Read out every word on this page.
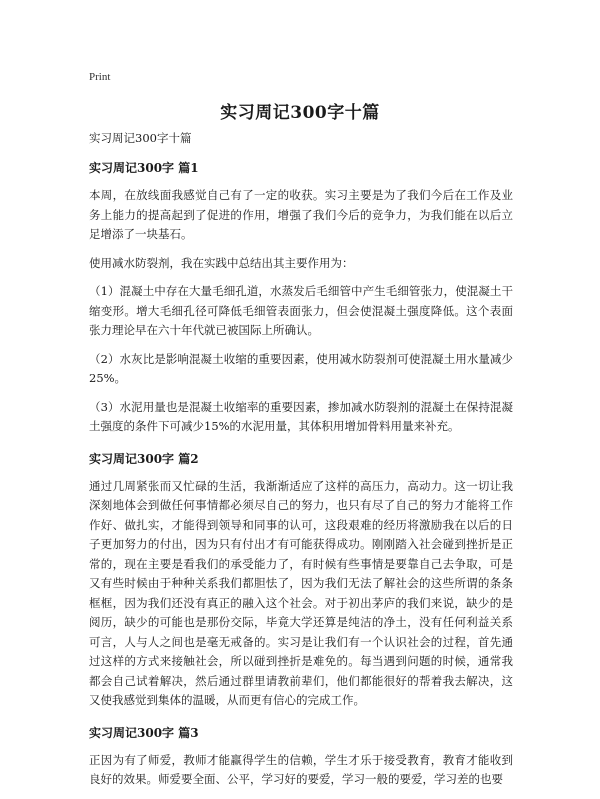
Print
实习周记300字十篇
实习周记300字十篇
实习周记300字 篇1

本周，在放线面我感觉自己有了一定的收获。实习主要是为了我们今后在工作及业务上能力的提高起到了促进的作用，增强了我们今后的竞争力，为我们能在以后立足增添了一块基石。

使用减水防裂剂，我在实践中总结出其主要作用为：

（1）混凝土中存在大量毛细孔道，水蒸发后毛细管中产生毛细管张力，使混凝土干缩变形。增大毛细孔径可降低毛细管表面张力，但会使混凝土强度降低。这个表面张力理论早在六十年代就已被国际上所确认。

（2）水灰比是影响混凝土收缩的重要因素，使用减水防裂剂可使混凝土用水量减少25%。

（3）水泥用量也是混凝土收缩率的重要因素，掺加减水防裂剂的混凝土在保持混凝土强度的条件下可减少15%的水泥用量，其体积用增加骨料用量来补充。

实习周记300字 篇2

通过几周紧张而又忙碌的生活，我渐渐适应了这样的高压力，高动力。这一切让我深刻地体会到做任何事情都必须尽自己的努力，也只有尽了自己的努力才能将工作作好、做扎实，才能得到领导和同事的认可，这段艰难的经历将激励我在以后的日子更加努力的付出，因为只有付出才有可能获得成功。刚刚踏入社会碰到挫折是正常的，现在主要是看我们的承受能力了，有时候有些事情是要靠自己去争取，可是又有些时候由于种种关系我们都胆怯了，因为我们无法了解社会的这些所谓的条条框框，因为我们还没有真正的融入这个社会。对于初出茅庐的我们来说，缺少的是阅历，缺少的可能也是那份交际，毕竟大学还算是纯洁的净土，没有任何利益关系可言，人与人之间也是毫无戒备的。实习是让我们有一个认识社会的过程，首先通过这样的方式来接触社会，所以碰到挫折是难免的。每当遇到问题的时候，通常我都会自己试着解决，然后通过群里请教前辈们，他们都能很好的帮着我去解决，这又使我感觉到集体的温暖，从而更有信心的完成工作。

实习周记300字 篇3

正因为有了师爱，教师才能赢得学生的信赖，学生才乐于接受教育，教育才能收到良好的效果。师爱要全面、公平，学习好的要爱，学习一般的要爱，学习差的也要
